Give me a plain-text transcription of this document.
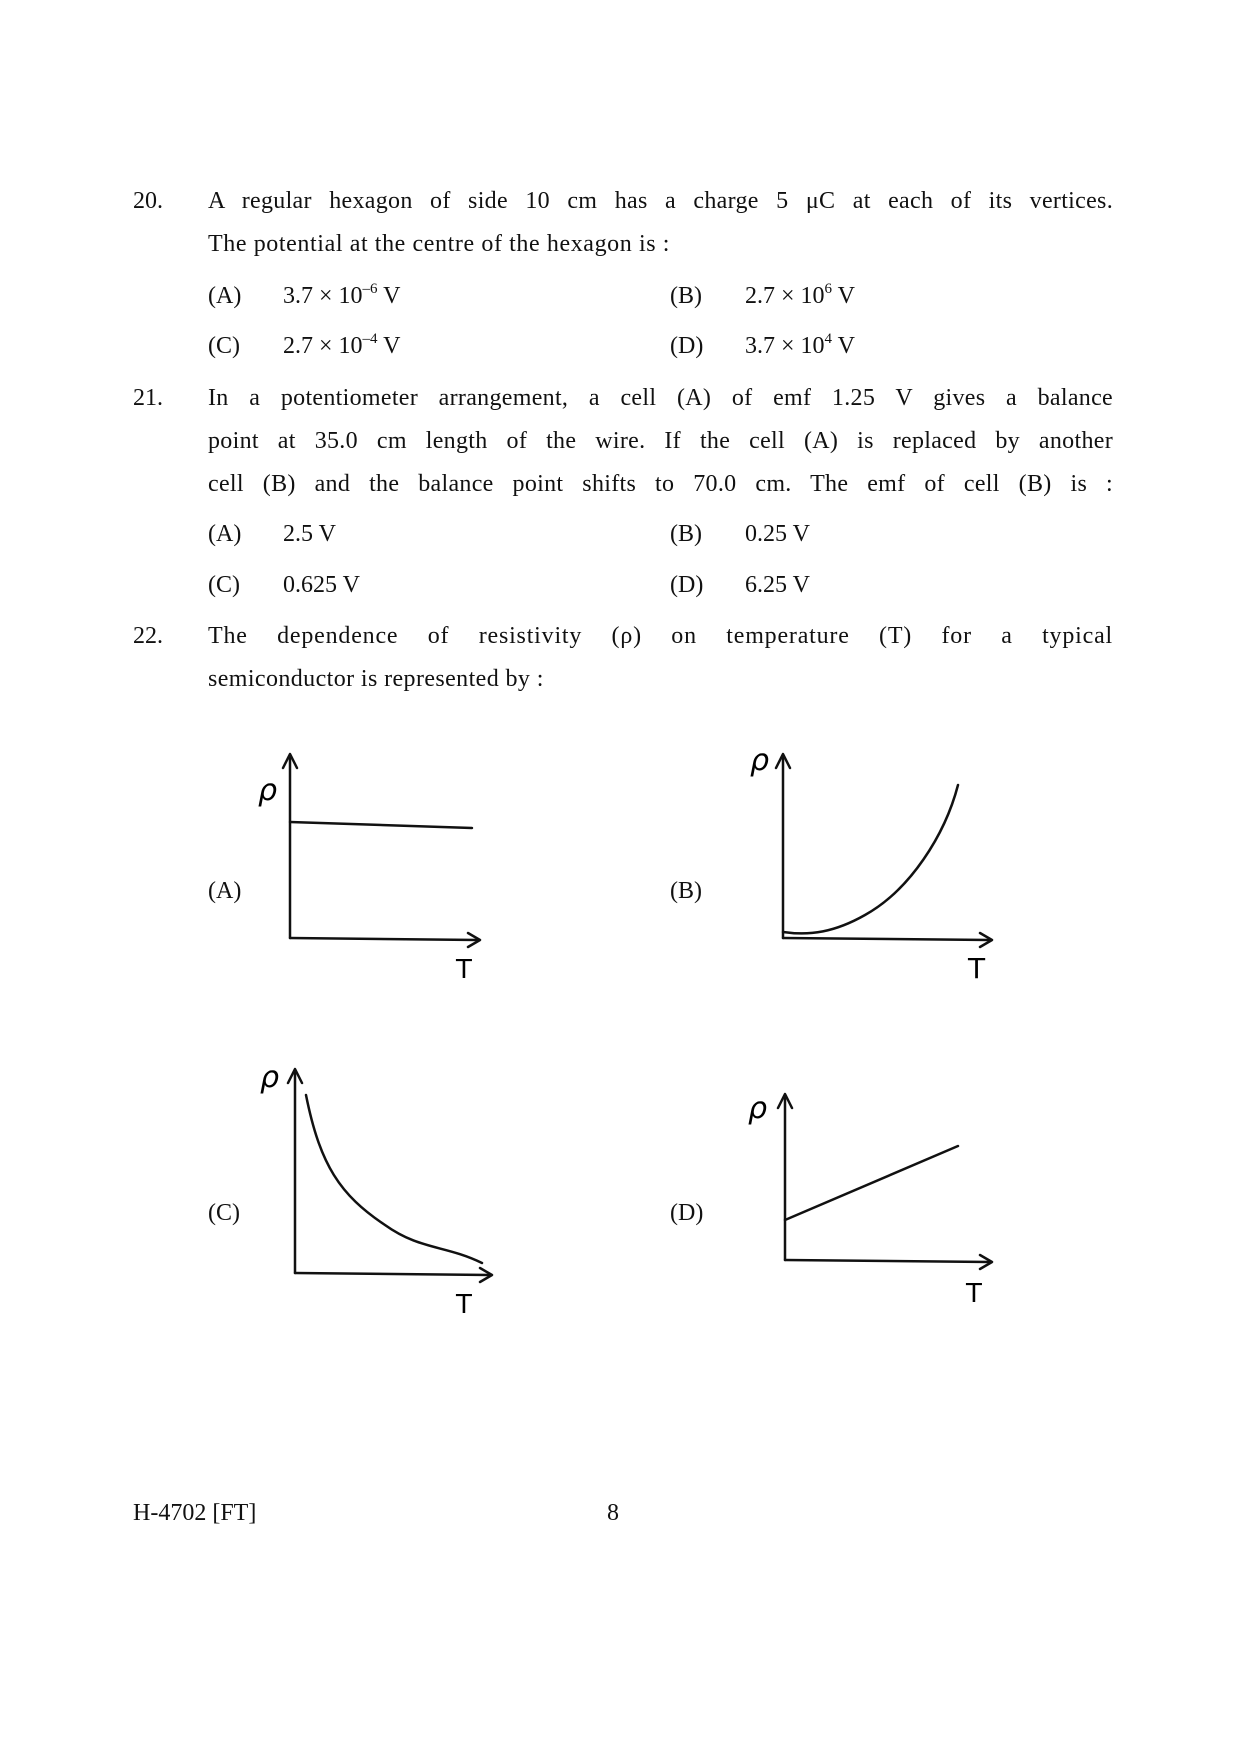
20. A regular hexagon of side 10 cm has a charge 5 μC at each of its vertices.
The potential at the centre of the hexagon is :
(A) $3.7 \times 10^{-6}$ V	(B) $2.7 \times 10^6$ V
(C) $2.7 \times 10^{-4}$ V	(D) $3.7 \times 10^4$ V
21. In a potentiometer arrangement, a cell (A) of emf 1.25 V gives a balance
point at 35.0 cm length of the wire. If the cell (A) is replaced by another
cell (B) and the balance point shifts to 70.0 cm. The emf of cell (B) is :
(A) 2.5 V	(B) 0.25 V
(C) 0.625 V	(D) 6.25 V
22. The dependence of resistivity (ρ) on temperature (T) for a typical
semiconductor is represented by :
(A)
ρ
T
(B)
ρ
T
(C)
ρ
T
(D)
ρ
T
H-4702 [FT]	8
